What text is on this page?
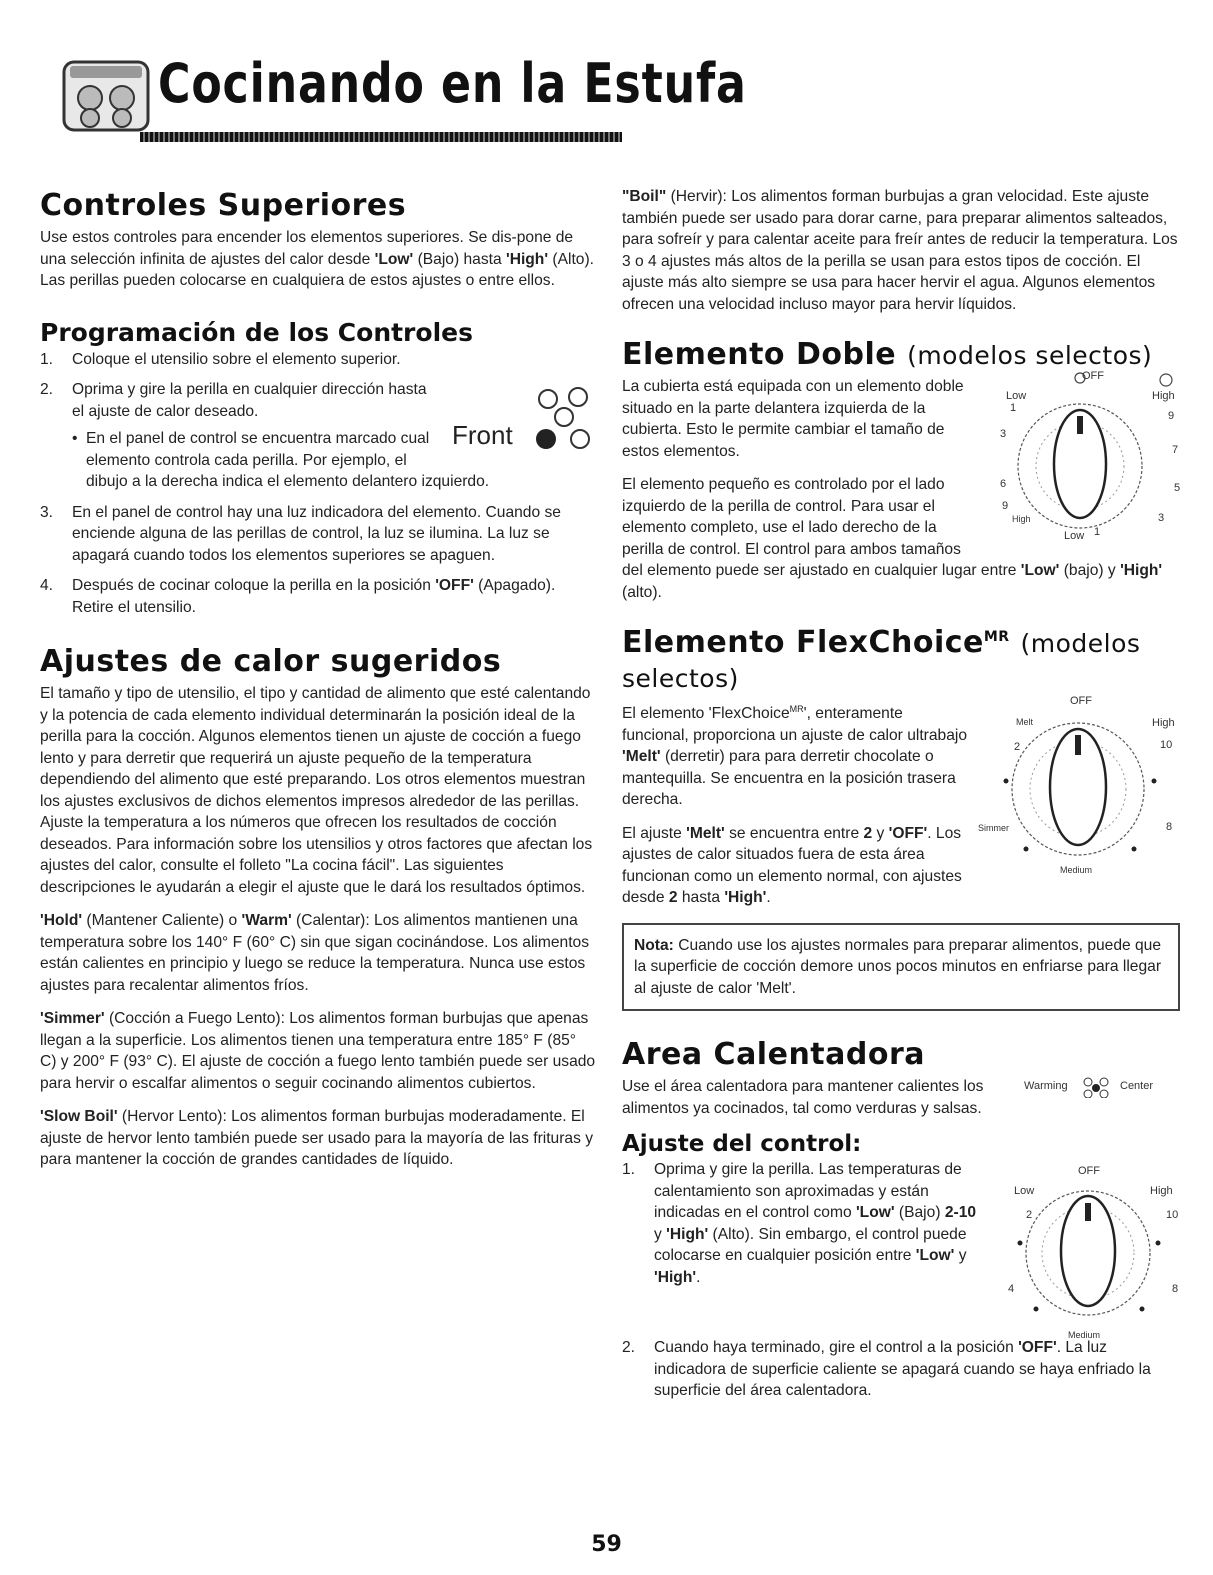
Cocinando en la Estufa
Controles Superiores

Use estos controles para encender los elementos superiores. Se dis-pone de una selección infinita de ajustes del calor desde 'Low' (Bajo) hasta 'High' (Alto). Las perillas pueden colocarse en cualquiera de estos ajustes o entre ellos.

Programación de los Controles
1. Coloque el utensilio sobre el elemento superior.
2.
Front
Oprima y gire la perilla en cualquier dirección hasta el ajuste de calor deseado.
• En el panel de control se encuentra marcado cual elemento controla cada perilla. Por ejemplo, el dibujo a la derecha indica el elemento delantero izquierdo.
3. En el panel de control hay una luz indicadora del elemento. Cuando se enciende alguna de las perillas de control, la luz se ilumina. La luz se apagará cuando todos los elementos superiores se apaguen.
4. Después de cocinar coloque la perilla en la posición 'OFF' (Apagado). Retire el utensilio.
Ajustes de calor sugeridos

El tamaño y tipo de utensilio, el tipo y cantidad de alimento que esté calentando y la potencia de cada elemento individual determinarán la posición ideal de la perilla para la cocción. Algunos elementos tienen un ajuste de cocción a fuego lento y para derretir que requerirá un ajuste pequeño de la temperatura dependiendo del alimento que esté preparando. Los otros elementos muestran los ajustes exclusivos de dichos elementos impresos alrededor de las perillas. Ajuste la temperatura a los números que ofrecen los resultados de cocción deseados. Para información sobre los utensilios y otros factores que afectan los ajustes del calor, consulte el folleto "La cocina fácil". Las siguientes descripciones le ayudarán a elegir el ajuste que le dará los resultados óptimos.

'Hold' (Mantener Caliente) o 'Warm' (Calentar): Los alimentos mantienen una temperatura sobre los 140° F (60° C) sin que sigan cocinándose. Los alimentos están calientes en principio y luego se reduce la temperatura. Nunca use estos ajustes para recalentar alimentos fríos.

'Simmer' (Cocción a Fuego Lento): Los alimentos forman burbujas que apenas llegan a la superficie. Los alimentos tienen una temperatura entre 185° F (85° C) y 200° F (93° C). El ajuste de cocción a fuego lento también puede ser usado para hervir o escalfar alimentos o seguir cocinando alimentos cubiertos.

'Slow Boil' (Hervor Lento): Los alimentos forman burbujas moderadamente. El ajuste de hervor lento también puede ser usado para la mayoría de las frituras y para mantener la cocción de grandes cantidades de líquido.

"Boil" (Hervir): Los alimentos forman burbujas a gran velocidad. Este ajuste también puede ser usado para dorar carne, para preparar alimentos salteados, para sofreír y para calentar aceite para freír antes de reducir la temperatura. Los 3 o 4 ajustes más altos de la perilla se usan para estos tipos de cocción. El ajuste más alto siempre se usa para hacer hervir el agua. Algunos elementos ofrecen una velocidad incluso mayor para hervir líquidos.

Elemento Doble (modelos selectos)
OFF
Low	High
1
3
9
6
7
9
5
High	3
Low 1

La cubierta está equipada con un elemento doble situado en la parte delantera izquierda de la cubierta. Esto le permite cambiar el tamaño de estos elementos.

El elemento pequeño es controlado por el lado izquierdo de la perilla de control. Para usar el elemento completo, use el lado derecho de la perilla de control. El control para ambos tamaños del elemento puede ser ajustado en cualquier lugar entre 'Low' (bajo) y 'High' (alto).

Elemento FlexChoice$^{MR}$ (modelos selectos)
OFF
Melt	High
2	10
Simmer	8
Medium

El elemento 'FlexChoice$^{MR}$', enteramente funcional, proporciona un ajuste de calor ultrabajo 'Melt' (derretir) para para derretir chocolate o mantequilla. Se encuentra en la posición trasera derecha.

El ajuste 'Melt' se encuentra entre 2 y 'OFF'. Los ajustes de calor situados fuera de esta área funcionan como un elemento normal, con ajustes desde 2 hasta 'High'.

Nota: Cuando use los ajustes normales para preparar alimentos, puede que la superficie de cocción demore unos pocos minutos en enfriarse para llegar al ajuste de calor 'Melt'.

Area Calentadora
Warming	Center

Use el área calentadora para mantener calientes los alimentos ya cocinados, tal como verduras y salsas.

Ajuste del control:
1.	OFF
Low	High
2	10
4	8
Medium
Oprima y gire la perilla. Las temperaturas de calentamiento son aproximadas y están indicadas en el control como 'Low' (Bajo) 2-10 y 'High' (Alto). Sin embargo, el control puede colocarse en cualquier posición entre 'Low' y 'High'.
2. Cuando haya terminado, gire el control a la posición 'OFF'. La luz indicadora de superficie caliente se apagará cuando se haya enfriado la superficie del área calentadora.
59
